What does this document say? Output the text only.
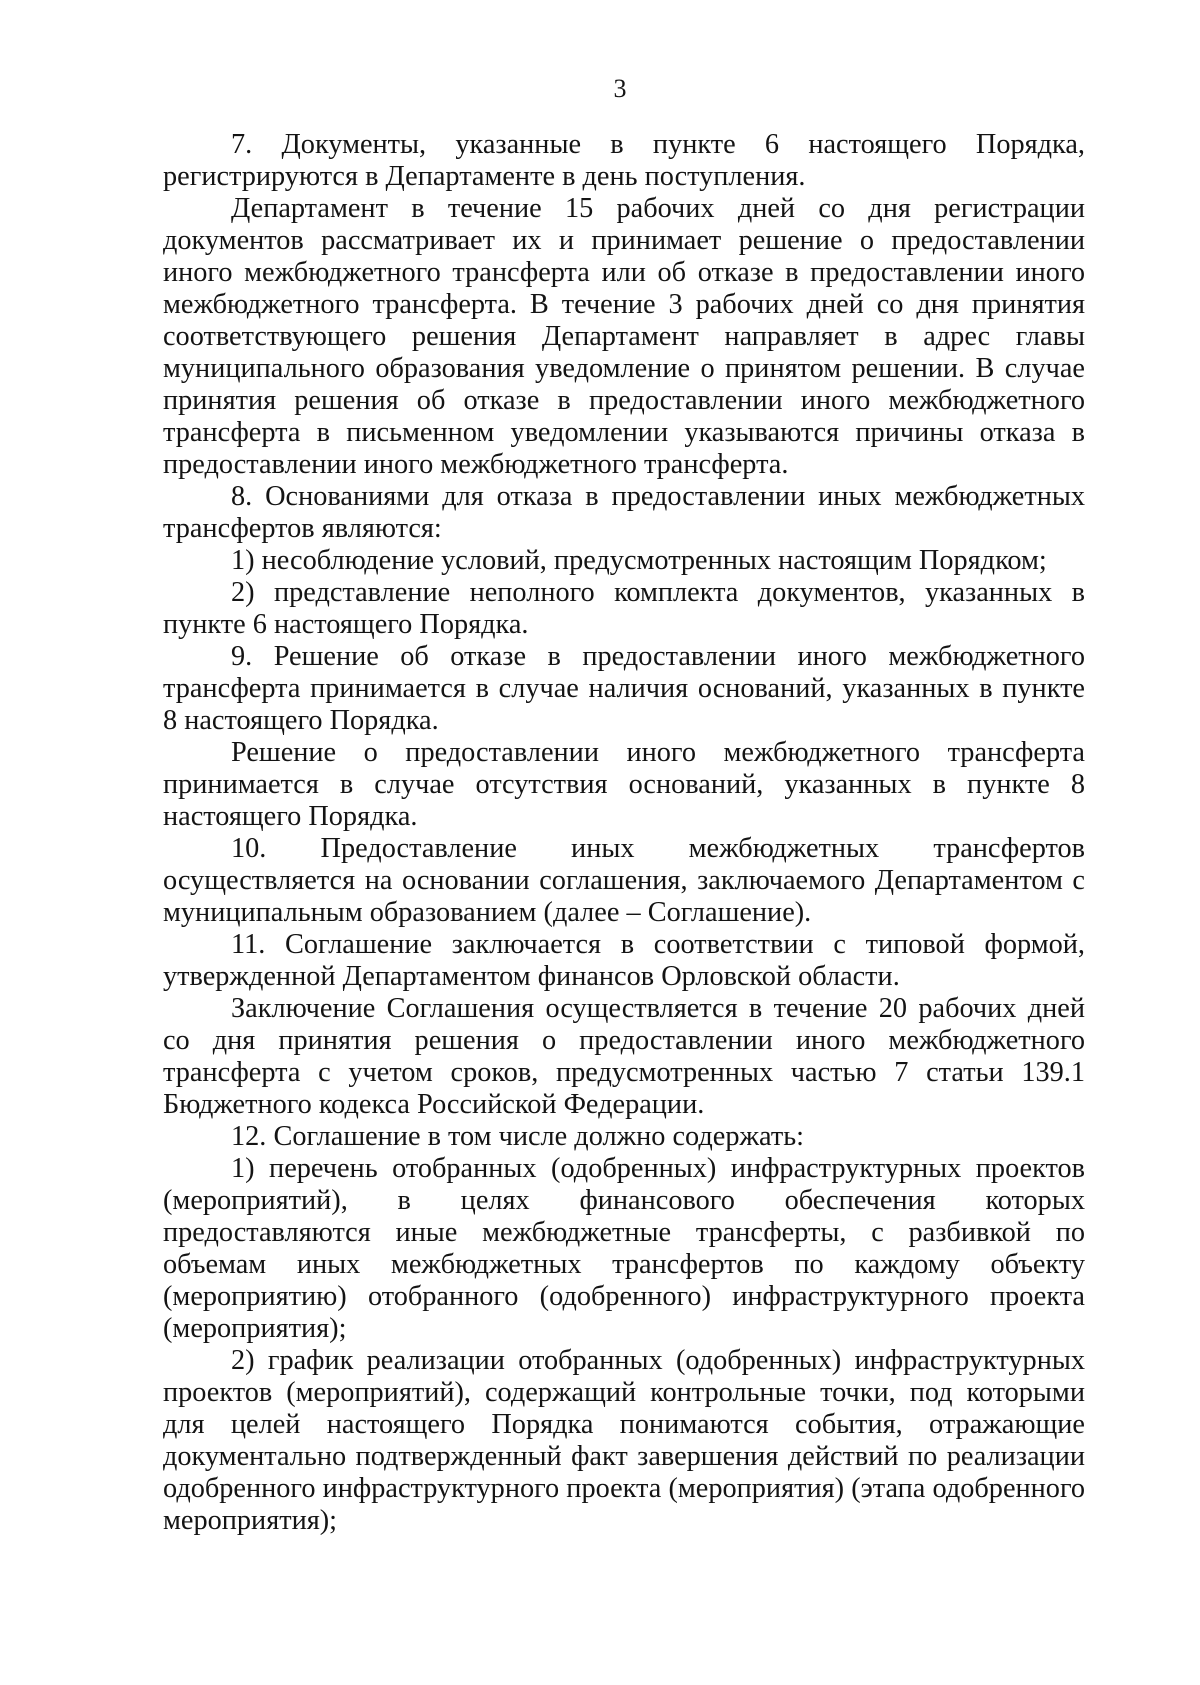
3

7. Документы, указанные в пункте 6 настоящего Порядка, регистрируются в Департаменте в день поступления.

Департамент в течение 15 рабочих дней со дня регистрации документов рассматривает их и принимает решение о предоставлении иного межбюджетного трансферта или об отказе в предоставлении иного межбюджетного трансферта. В течение 3 рабочих дней со дня принятия соответствующего решения Департамент направляет в адрес главы муниципального образования уведомление о принятом решении. В случае принятия решения об отказе в предоставлении иного межбюджетного трансферта в письменном уведомлении указываются причины отказа в предоставлении иного межбюджетного трансферта.

8. Основаниями для отказа в предоставлении иных межбюджетных трансфертов являются:

1) несоблюдение условий, предусмотренных настоящим Порядком;

2) представление неполного комплекта документов, указанных в пункте 6 настоящего Порядка.

9. Решение об отказе в предоставлении иного межбюджетного трансферта принимается в случае наличия оснований, указанных в пункте 8 настоящего Порядка.

Решение о предоставлении иного межбюджетного трансферта принимается в случае отсутствия оснований, указанных в пункте 8 настоящего Порядка.

10. Предоставление иных межбюджетных трансфертов осуществляется на основании соглашения, заключаемого Департаментом с муниципальным образованием (далее – Соглашение).

11. Соглашение заключается в соответствии с типовой формой, утвержденной Департаментом финансов Орловской области.

Заключение Соглашения осуществляется в течение 20 рабочих дней со дня принятия решения о предоставлении иного межбюджетного трансферта с учетом сроков, предусмотренных частью 7 статьи 139.1 Бюджетного кодекса Российской Федерации.

12. Соглашение в том числе должно содержать:

1) перечень отобранных (одобренных) инфраструктурных проектов (мероприятий), в целях финансового обеспечения которых предоставляются иные межбюджетные трансферты, с разбивкой по объемам иных межбюджетных трансфертов по каждому объекту (мероприятию) отобранного (одобренного) инфраструктурного проекта (мероприятия);

2) график реализации отобранных (одобренных) инфраструктурных проектов (мероприятий), содержащий контрольные точки, под которыми для целей настоящего Порядка понимаются события, отражающие документально подтвержденный факт завершения действий по реализации одобренного инфраструктурного проекта (мероприятия) (этапа одобренного мероприятия);
